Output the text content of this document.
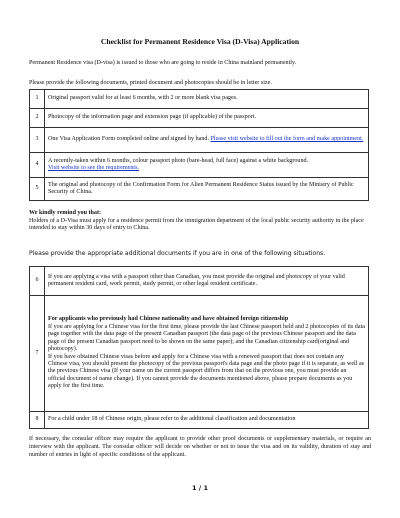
Checklist for Permanent Residence Visa (D-Visa) Application
Permanent Residence visa (D-visa) is issued to those who are going to reside in China mainland permanently.
Please provide the following documents, printed document and photocopies should be in letter size.
1	Original passport valid for at least 6 months, with 2 or more blank visa pages.
2	Photocopy of the information page and extension page (if applicable) of the passport.
3	One Visa Application Form completed online and signed by hand. Please visit website to fill out the form and make appointment.
4	A recently-taken within 6 months, colour passport photo (bare-head, full face) against a white background.
Visit website to see the requirements.
5	The original and photocopy of the Confirmation Form for Alien Permanent Residence Status issued by the Ministry of Public Security of China.
We kindly remind you that:
Holders of a D-Visa must apply for a residence permit from the immigration department of the local public security authority in the place intended to stay within 30 days of entry to China.
Please provide the appropriate additional documents if you are in one of the following situations.
6	If you are applying a visa with a passport other than Canadian, you must provide the original and photocopy of your valid permanent resident card, work permit, study permit, or other legal resident certificate.
7	For applicants who previously had Chinese nationality and have obtained foreign citizenship
If you are applying for a Chinese visa for the first time, please provide the last Chinese passport held and 2 photocopies of its data page together with the data page of the present Canadian passport (the data page of the previous Chinese passport and the data page of the present Canadian passport need to be shown on the same paper); and the Canadian citizenship card(original and photocopy).
If you have obtained Chinese visas before and apply for a Chinese visa with a renewed passport that does not contain any Chinese visa, you should present the photocopy of the previous passport's data page and the photo page if it is separate, as well as the previous Chinese visa (If your name on the current passport differs from that on the previous one, you must provide an official document of name change). If you cannot provide the documents mentioned above, please prepare documents as you apply for the first time.

8	For a child under 18 of Chinese origin, please refer to the additional classification and documentation
If necessary, the consular officer may require the applicant to provide other proof documents or supplementary materials, or require an interview with the applicant. The consular officer will decide on whether or not to issue the visa and on its validity, duration of stay and number of entries in light of specific conditions of the applicant.
1 / 1
